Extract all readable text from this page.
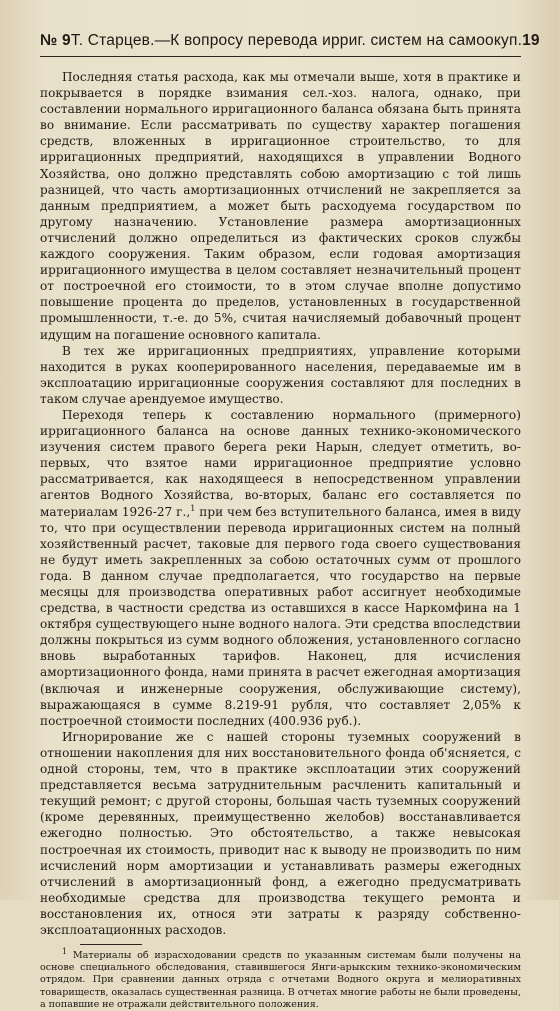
№ 9 Т. Старцев.—К вопросу перевода ирриг. систем на самоокуп. 19

Последняя статья расхода, как мы отмечали выше, хотя в практике и покрывается в порядке взимания сел.-хоз. налога, однако, при составлении нормального ирригационного баланса обязана быть принята во внимание. Если рассматривать по существу характер погашения средств, вложенных в ирригационное строительство, то для ирригационных предприятий, находящихся в управлении Водного Хозяйства, оно должно представлять собою амортизацию с той лишь разницей, что часть амортизационных отчислений не закрепляется за данным предприятием, а может быть расходуема государством по другому назначению. Установление размера амортизационных отчислений должно определиться из фактических сроков службы каждого сооружения. Таким образом, если годовая амортизация ирригационного имущества в целом составляет незначительный процент от построечной его стоимости, то в этом случае вполне допустимо повышение процента до пределов, установленных в государственной промышленности, т.-е. до 5%, считая начисляемый добавочный процент идущим на погашение основного капитала.

В тех же ирригационных предприятиях, управление которыми находится в руках кооперированного населения, передаваемые им в эксплоатацию ирригационные сооружения составляют для последних в таком случае арендуемое имущество.

Переходя теперь к составлению нормального (примерного) ирригационного баланса на основе данных технико-экономического изучения систем правого берега реки Нарын, следует отметить, во-первых, что взятое нами ирригационное предприятие условно рассматривается, как находящееся в непосредственном управлении агентов Водного Хозяйства, во-вторых, баланс его составляется по материалам 1926-27 г.,$^1$ при чем без вступительного баланса, имея в виду то, что при осуществлении перевода ирригационных систем на полный хозяйственный расчет, таковые для первого года своего существования не будут иметь закрепленных за собою остаточных сумм от прошлого года. В данном случае предполагается, что государство на первые месяцы для производства оперативных работ ассигнует необходимые средства, в частности средства из оставшихся в кассе Наркомфина на 1 октября существующего ныне водного налога. Эти средства впоследствии должны покрыться из сумм водного обложения, установленного согласно вновь выработанных тарифов. Наконец, для исчисления амортизационного фонда, нами принята в расчет ежегодная амортизация (включая и инженерные сооружения, обслуживающие систему), выражающаяся в сумме 8.219-91 рубля, что составляет 2,05% к построечной стоимости последних (400.936 руб.).

Игнорирование же с нашей стороны туземных сооружений в отношении накопления для них восстановительного фонда об'ясняется, с одной стороны, тем, что в практике эксплоатации этих сооружений представляется весьма затруднительным расчленить капитальный и текущий ремонт; с другой стороны, большая часть туземных сооружений (кроме деревянных, преимущественно желобов) восстанавливается ежегодно полностью. Это обстоятельство, а также невысокая построечная их стоимость, приводит нас к выводу не производить по ним исчислений норм амортизации и устанавливать размеры ежегодных отчислений в амортизационный фонд, а ежегодно предусматривать необходимые средства для производства текущего ремонта и восстановления их, относя эти затраты к разряду собственно-эксплоатационных расходов.

$^1$ Материалы об израсходовании средств по указанным системам были получены на основе специального обследования, ставившегося Янги-арыкским технико-экономическим отрядом. При сравнении данных отряда с отчетами Водного округа и мелиоративных товариществ, оказалась существенная разница. В отчетах многие работы не были проведены, а попавшие не отражали действительного положения.
